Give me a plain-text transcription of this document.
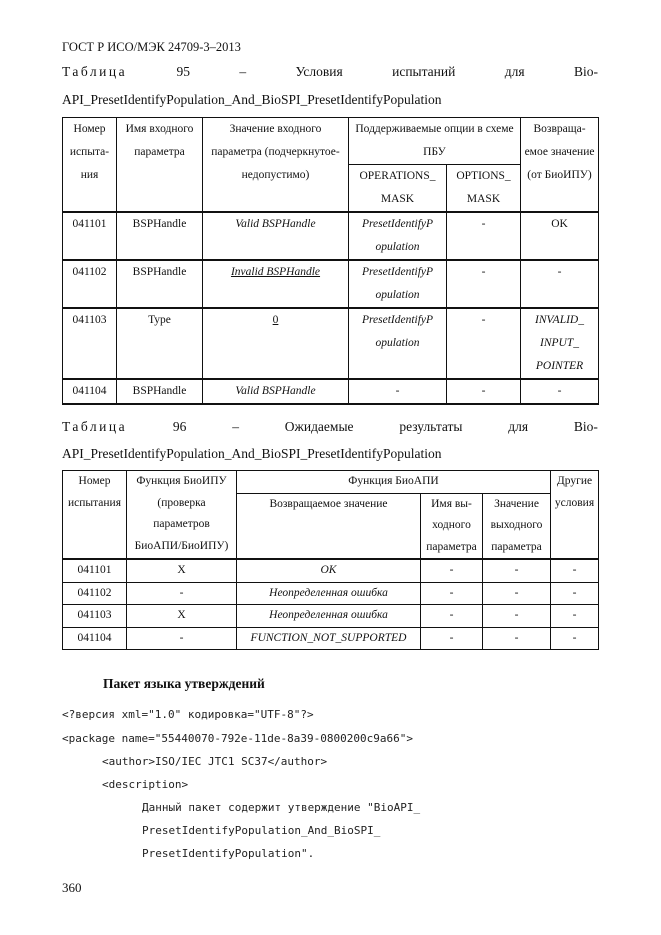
ГОСТ Р ИСО/МЭК 24709-3–2013
Таблица	95	–	Условия	испытаний	для	Bio-
API_PresetIdentifyPopulation_And_BioSPI_PresetIdentifyPopulation
Номер испыта-ния	Имя входного параметра	Значение входного параметра (подчеркнутое-недопустимо)	Поддерживаемые опции в схеме ПБУ		Возвраща-емое значение (от БиоИПУ)
			OPERATIONS_ MASK	OPTIONS_ MASK	
041101	BSPHandle	Valid BSPHandle	PresetIdentifyP opulation	-	OK
041102	BSPHandle	Invalid BSPHandle	PresetIdentifyP opulation	-	-
041103	Type	0	PresetIdentifyP opulation	-	INVALID_ INPUT_ POINTER
041104	BSPHandle	Valid BSPHandle	-	-	-
Таблица	96	–	Ожидаемые	результаты	для	Bio-
API_PresetIdentifyPopulation_And_BioSPI_PresetIdentifyPopulation
Номер испытания	Функция БиоИПУ (проверка параметров БиоАПИ/БиоИПУ)	Функция БиоАПИ			Другие условия
		Возвращаемое значение	Имя вы-ходного параметра	Значение выходного параметра	
041101	X	OK	-	-	-
041102	-	Неопределенная ошибка	-	-	-
041103	X	Неопределенная ошибка	-	-	-
041104	-	FUNCTION_NOT_SUPPORTED	-	-	-
Пакет языка утверждений
<?версия xml="1.0" кодировка="UTF-8"?>
<package name="55440070-792e-11de-8a39-0800200c9a66">
<author>ISO/IEC JTC1 SC37</author>
<description>
Данный пакет содержит утверждение "BioAPI_
PresetIdentifyPopulation_And_BioSPI_
PresetIdentifyPopulation".
360
